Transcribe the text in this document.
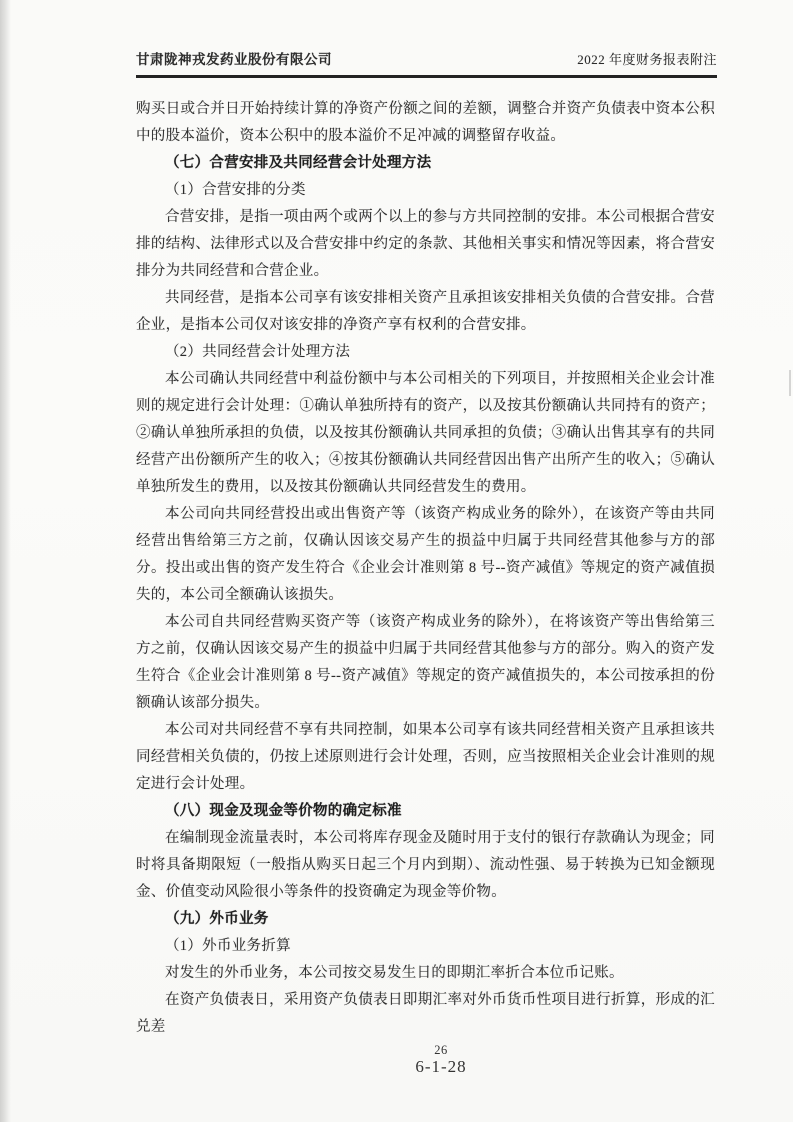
甘肃陇神戎发药业股份有限公司	2022 年度财务报表附注

购买日或合并日开始持续计算的净资产份额之间的差额，调整合并资产负债表中资本公积中的股本溢价，资本公积中的股本溢价不足冲减的调整留存收益。

（七）合营安排及共同经营会计处理方法

（1）合营安排的分类

合营安排，是指一项由两个或两个以上的参与方共同控制的安排。本公司根据合营安排的结构、法律形式以及合营安排中约定的条款、其他相关事实和情况等因素，将合营安排分为共同经营和合营企业。

共同经营，是指本公司享有该安排相关资产且承担该安排相关负债的合营安排。合营企业，是指本公司仅对该安排的净资产享有权利的合营安排。

（2）共同经营会计处理方法

本公司确认共同经营中利益份额中与本公司相关的下列项目，并按照相关企业会计准则的规定进行会计处理：①确认单独所持有的资产，以及按其份额确认共同持有的资产；②确认单独所承担的负债，以及按其份额确认共同承担的负债；③确认出售其享有的共同经营产出份额所产生的收入；④按其份额确认共同经营因出售产出所产生的收入；⑤确认单独所发生的费用，以及按其份额确认共同经营发生的费用。

本公司向共同经营投出或出售资产等（该资产构成业务的除外），在该资产等由共同经营出售给第三方之前，仅确认因该交易产生的损益中归属于共同经营其他参与方的部分。投出或出售的资产发生符合《企业会计准则第 8 号--资产减值》等规定的资产减值损失的，本公司全额确认该损失。

本公司自共同经营购买资产等（该资产构成业务的除外），在将该资产等出售给第三方之前，仅确认因该交易产生的损益中归属于共同经营其他参与方的部分。购入的资产发生符合《企业会计准则第 8 号--资产减值》等规定的资产减值损失的，本公司按承担的份额确认该部分损失。

本公司对共同经营不享有共同控制，如果本公司享有该共同经营相关资产且承担该共同经营相关负债的，仍按上述原则进行会计处理，否则，应当按照相关企业会计准则的规定进行会计处理。

（八）现金及现金等价物的确定标准

在编制现金流量表时，本公司将库存现金及随时用于支付的银行存款确认为现金；同时将具备期限短（一般指从购买日起三个月内到期）、流动性强、易于转换为已知金额现金、价值变动风险很小等条件的投资确定为现金等价物。

（九）外币业务

（1）外币业务折算

对发生的外币业务，本公司按交易发生日的即期汇率折合本位币记账。

在资产负债表日，采用资产负债表日即期汇率对外币货币性项目进行折算，形成的汇兑差

26
6-1-28
